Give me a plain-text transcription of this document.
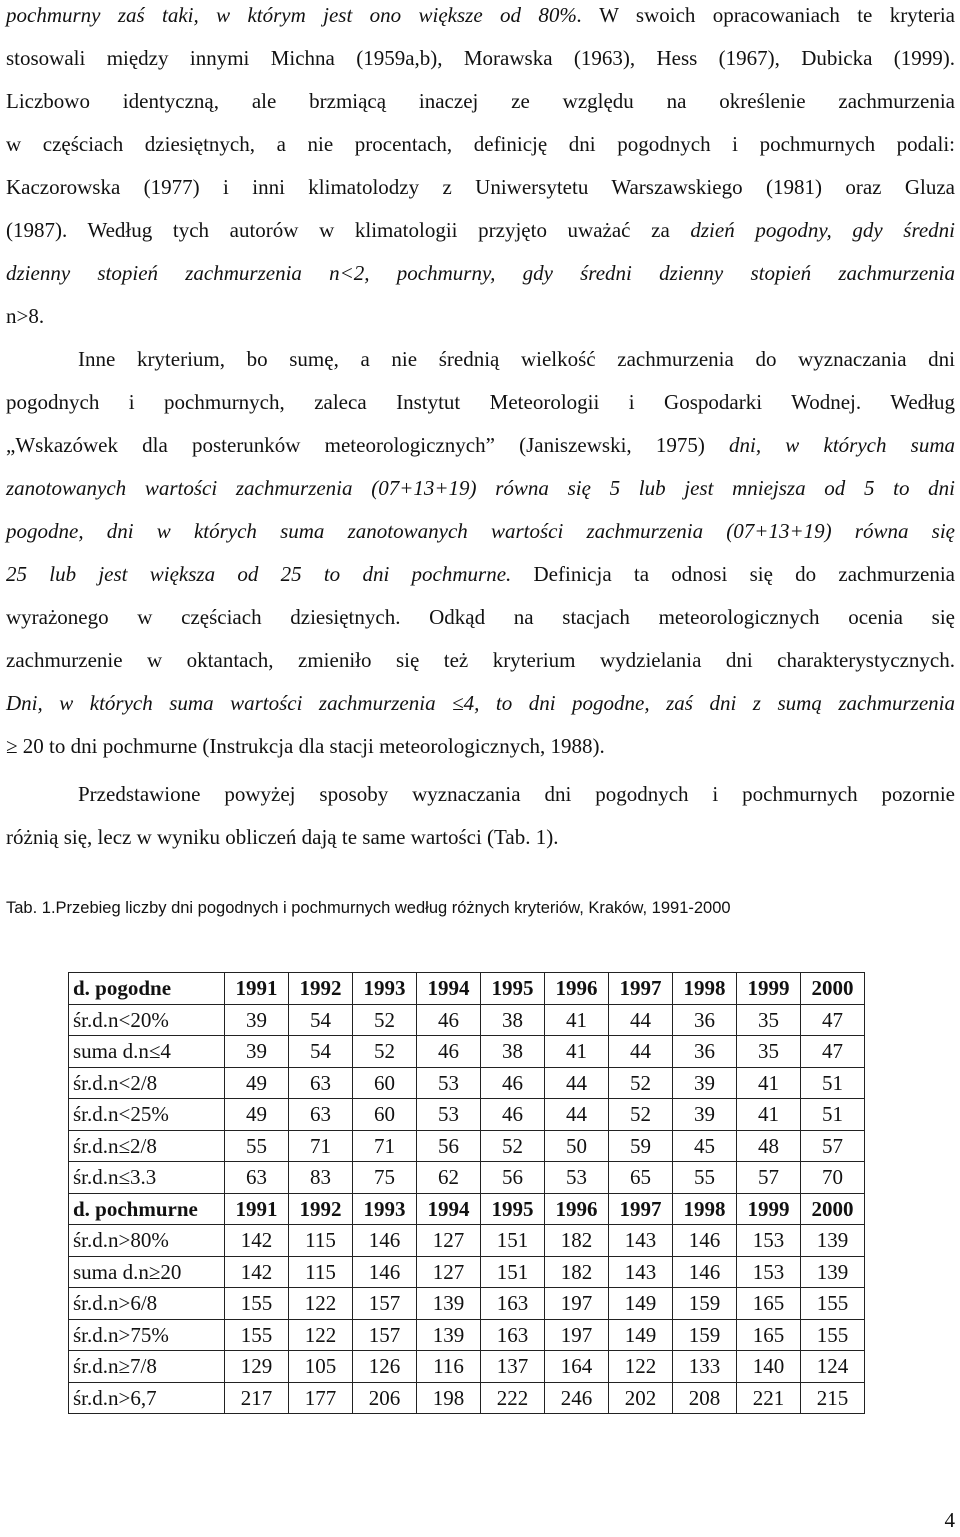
pochmurny zaś taki, w którym jest ono większe od 80%. W swoich opracowaniach te kryteria
stosowali między innymi Michna (1959a,b), Morawska (1963), Hess (1967), Dubicka (1999).
Liczbowo identyczną, ale brzmiącą inaczej ze względu na określenie zachmurzenia
w częściach dziesiętnych, a nie procentach, definicję dni pogodnych i pochmurnych podali:
Kaczorowska (1977) i inni klimatolodzy z Uniwersytetu Warszawskiego (1981) oraz Gluza
(1987). Według tych autorów w klimatologii przyjęto uważać za dzień pogodny, gdy średni
dzienny stopień zachmurzenia n<2, pochmurny, gdy średni dzienny stopień zachmurzenia
n>8.
Inne kryterium, bo sumę, a nie średnią wielkość zachmurzenia do wyznaczania dni
pogodnych i pochmurnych, zaleca Instytut Meteorologii i Gospodarki Wodnej. Według
„Wskazówek dla posterunków meteorologicznych” (Janiszewski, 1975) dni, w których suma
zanotowanych wartości zachmurzenia (07+13+19) równa się 5 lub jest mniejsza od 5 to dni
pogodne, dni w których suma zanotowanych wartości zachmurzenia (07+13+19) równa się
25 lub jest większa od 25 to dni pochmurne. Definicja ta odnosi się do zachmurzenia
wyrażonego w częściach dziesiętnych. Odkąd na stacjach meteorologicznych ocenia się
zachmurzenie w oktantach, zmieniło się też kryterium wydzielania dni charakterystycznych.
Dni, w których suma wartości zachmurzenia ≤4, to dni pogodne, zaś dni z sumą zachmurzenia
≥ 20 to dni pochmurne (Instrukcja dla stacji meteorologicznych, 1988).
Przedstawione powyżej sposoby wyznaczania dni pogodnych i pochmurnych pozornie
różnią się, lecz w wyniku obliczeń dają te same wartości (Tab. 1).
Tab. 1.Przebieg liczby dni pogodnych i pochmurnych według różnych kryteriów, Kraków, 1991-2000
d. pogodne	1991	1992	1993	1994	1995	1996	1997	1998	1999	2000
śr.d.n<20%	39	54	52	46	38	41	44	36	35	47
suma d.n≤4	39	54	52	46	38	41	44	36	35	47
śr.d.n<2/8	49	63	60	53	46	44	52	39	41	51
śr.d.n<25%	49	63	60	53	46	44	52	39	41	51
śr.d.n≤2/8	55	71	71	56	52	50	59	45	48	57
śr.d.n≤3.3	63	83	75	62	56	53	65	55	57	70
d. pochmurne	1991	1992	1993	1994	1995	1996	1997	1998	1999	2000
śr.d.n>80%	142	115	146	127	151	182	143	146	153	139
suma d.n≥20	142	115	146	127	151	182	143	146	153	139
śr.d.n>6/8	155	122	157	139	163	197	149	159	165	155
śr.d.n>75%	155	122	157	139	163	197	149	159	165	155
śr.d.n≥7/8	129	105	126	116	137	164	122	133	140	124
śr.d.n>6,7	217	177	206	198	222	246	202	208	221	215
4
